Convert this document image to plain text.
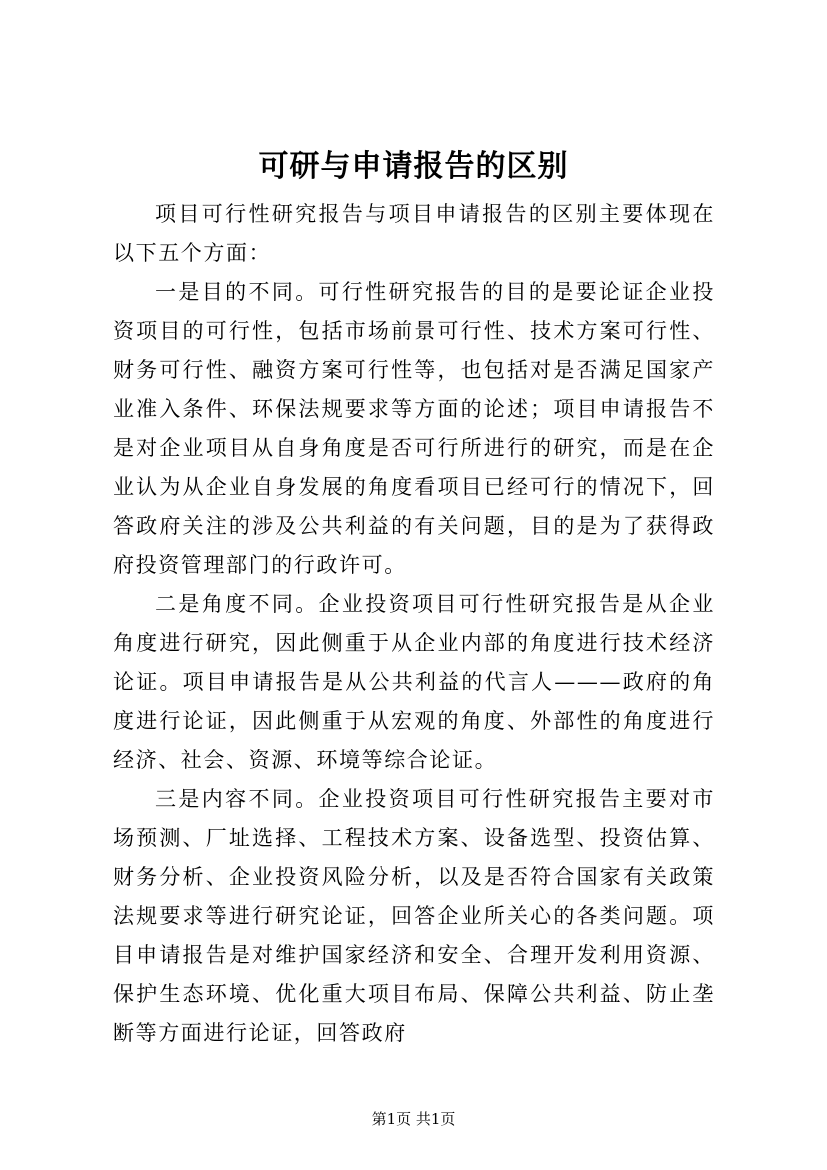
可研与申请报告的区别

项目可行性研究报告与项目申请报告的区别主要体现在以下五个方面：

一是目的不同。可行性研究报告的目的是要论证企业投资项目的可行性，包括市场前景可行性、技术方案可行性、财务可行性、融资方案可行性等，也包括对是否满足国家产业准入条件、环保法规要求等方面的论述；项目申请报告不是对企业项目从自身角度是否可行所进行的研究，而是在企业认为从企业自身发展的角度看项目已经可行的情况下，回答政府关注的涉及公共利益的有关问题，目的是为了获得政府投资管理部门的行政许可。

二是角度不同。企业投资项目可行性研究报告是从企业角度进行研究，因此侧重于从企业内部的角度进行技术经济论证。项目申请报告是从公共利益的代言人———政府的角度进行论证，因此侧重于从宏观的角度、外部性的角度进行经济、社会、资源、环境等综合论证。

三是内容不同。企业投资项目可行性研究报告主要对市场预测、厂址选择、工程技术方案、设备选型、投资估算、财务分析、企业投资风险分析，以及是否符合国家有关政策法规要求等进行研究论证，回答企业所关心的各类问题。项目申请报告是对维护国家经济和安全、合理开发利用资源、保护生态环境、优化重大项目布局、保障公共利益、防止垄断等方面进行论证，回答政府

第1页 共1页
